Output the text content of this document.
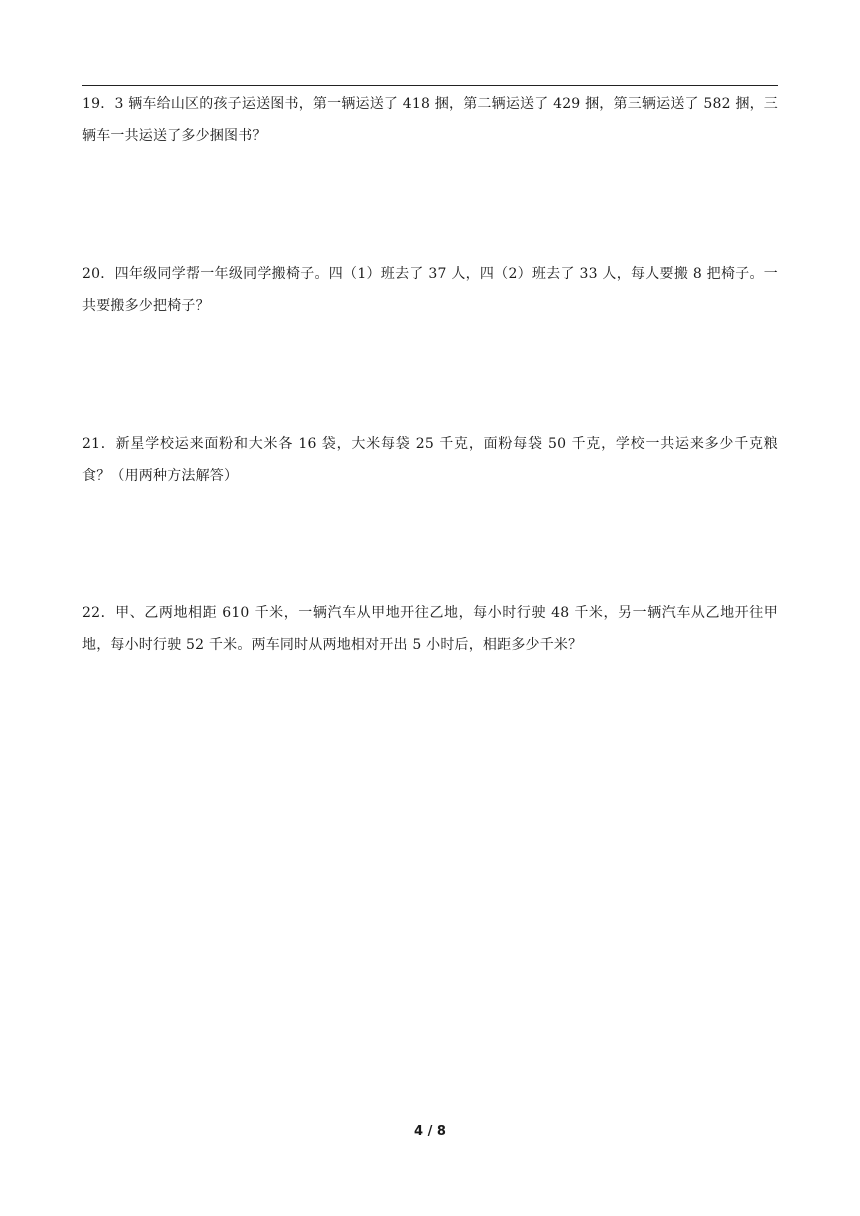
19．3 辆车给山区的孩子运送图书，第一辆运送了 418 捆，第二辆运送了 429 捆，第三辆运送了 582 捆，三辆车一共运送了多少捆图书？

20．四年级同学帮一年级同学搬椅子。四（1）班去了 37 人，四（2）班去了 33 人，每人要搬 8 把椅子。一共要搬多少把椅子？

21．新星学校运来面粉和大米各 16 袋，大米每袋 25 千克，面粉每袋 50 千克，学校一共运来多少千克粮食？（用两种方法解答）

22．甲、乙两地相距 610 千米，一辆汽车从甲地开往乙地，每小时行驶 48 千米，另一辆汽车从乙地开往甲地，每小时行驶 52 千米。两车同时从两地相对开出 5 小时后，相距多少千米？

4 / 8
